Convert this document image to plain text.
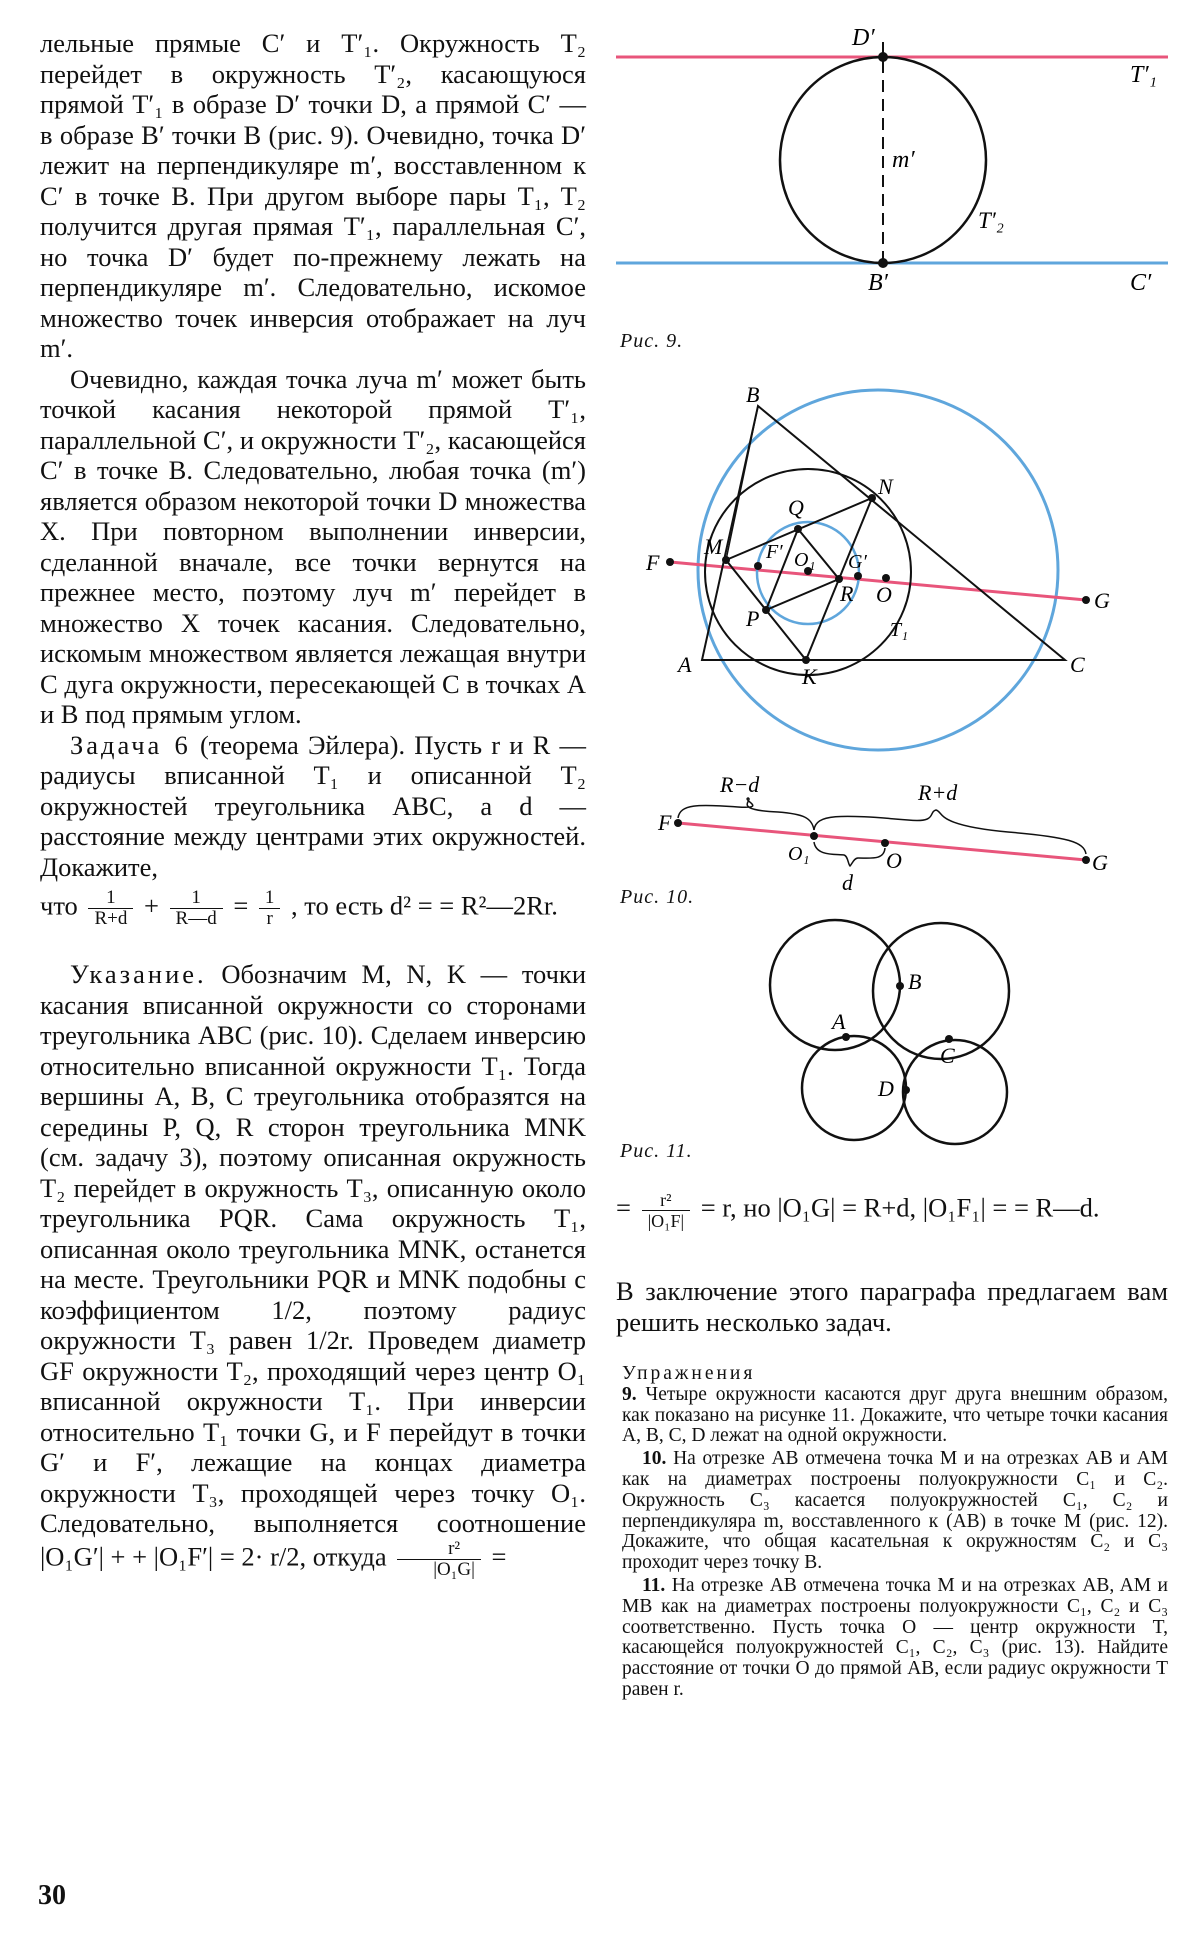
лельные прямые C′ и T′₁. Окружность T₂ перейдет в окружность T′₂, касающуюся прямой T′₁ в образе D′ точки D, а прямой C′ — в образе B′ точки B (рис. 9). Очевидно, точка D′ лежит на перпендикуляре m′, восставленном к C′ в точке B. При другом выборе пары T₁, T₂ получится другая прямая T′₁, параллельная C′, но точка D′ будет по-прежнему лежать на перпендикуляре m′. Следовательно, искомое множество точек инверсия отображает на луч m′.

Очевидно, каждая точка луча m′ может быть точкой касания некоторой прямой T′₁, параллельной C′, и окружности T′₂, касающейся C′ в точке B. Следовательно, любая точка (m′) является образом некоторой точки D множества X. При повторном выполнении инверсии, сделанной вначале, все точки вернутся на прежнее место, поэтому луч m′ перейдет в множество X точек касания. Следовательно, искомым множеством является лежащая внутри C дуга окружности, пересекающей C в точках A и B под прямым углом.

Задача 6 (теорема Эйлера). Пусть r и R — радиусы вписанной T₁ и описанной T₂ окружностей треугольника ABC, а d — расстояние между центрами этих окружностей. Докажите,

что $\frac{1}{R+d} + \frac{1}{R—d} = \frac{1}{r}$ , то есть d² = = R²—2Rr.

Указание. Обозначим M, N, K — точки касания вписанной окружности со сторонами треугольника ABC (рис. 10). Сделаем инверсию относительно вписанной окружности T₁. Тогда вершины A, B, C треугольника отобразятся на середины P, Q, R сторон треугольника MNK (см. задачу 3), поэтому описанная окружность T₂ перейдет в окружность T₃, описанную около треугольника PQR. Сама окружность T₁, описанная около треугольника MNK, останется на месте. Треугольники PQR и MNK подобны с коэффициентом 1/2, поэтому радиус окружности T₃ равен 1/2r. Проведем диаметр GF окружности T₂, проходящий через центр O₁ вписанной окружности T₁. При инверсии относительно T₁ точки G, и F перейдут в точки G′ и F′, лежащие на концах диаметра окружности T₃, проходящей через точку O₁. Следовательно, выполняется соотношение |O₁G′| + + |O₁F′| = 2· r/2, откуда $\frac{\text{r²}}{\text{|O₁G|}}$ =

D′
T′₁
m′
T′₂
B′	C′
Рис. 9.
B
N
Q
M
F	F′ O₁ G′
R O	G
P	T₁
A	K	C
R−d	R+d
F
O₁	O
d
G
Рис. 10.
A
B
C
D
Рис. 11.
= $\frac{\text{r²}}{\text{|O₁F|}} = r$, но |O₁G| = R+d, |O₁F₁| = = R—d.
В заключение этого параграфа предлагаем вам решить несколько задач.

Упражнения

9. Четыре окружности касаются друг друга внешним образом, как показано на рисунке 11. Докажите, что четыре точки касания A, B, C, D лежат на одной окружности.

10. На отрезке AB отмечена точка M и на отрезках AB и AM как на диаметрах построены полуокружности C₁ и C₂. Окружность C₃ касается полуокружностей C₁, C₂ и перпендикуляра m, восставленного к (AB) в точке M (рис. 12). Докажите, что общая касательная к окружностям C₂ и C₃ проходит через точку B.

11. На отрезке AB отмечена точка M и на отрезках AB, AM и MB как на диаметрах построены полуокружности C₁, C₂ и C₃ соответственно. Пусть точка O — центр окружности T, касающейся полуокружностей C₁, C₂, C₃ (рис. 13). Найдите расстояние от точки O до прямой AB, если радиус окружности T равен r.

30
